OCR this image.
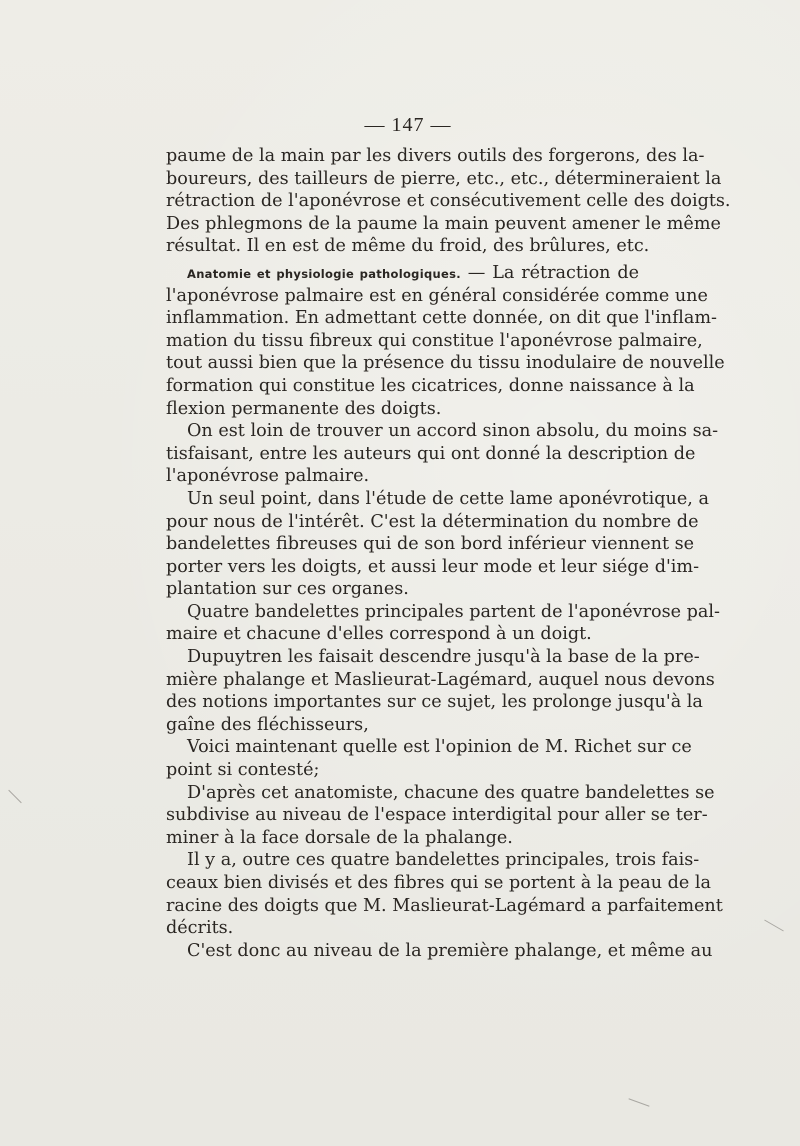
— 147 —
paume de la main par les divers outils des forgerons, des la-
boureurs, des tailleurs de pierre, etc., etc., détermineraient la
rétraction de l'aponévrose et consécutivement celle des doigts.
Des phlegmons de la paume la main peuvent amener le même
résultat. Il en est de même du froid, des brûlures, etc.
Anatomie et physiologie pathologiques. — La rétraction de
l'aponévrose palmaire est en général considérée comme une
inflammation. En admettant cette donnée, on dit que l'inflam-
mation du tissu fibreux qui constitue l'aponévrose palmaire,
tout aussi bien que la présence du tissu inodulaire de nouvelle
formation qui constitue les cicatrices, donne naissance à la
flexion permanente des doigts.
On est loin de trouver un accord sinon absolu, du moins sa-
tisfaisant, entre les auteurs qui ont donné la description de
l'aponévrose palmaire.
Un seul point, dans l'étude de cette lame aponévrotique, a
pour nous de l'intérêt. C'est la détermination du nombre de
bandelettes fibreuses qui de son bord inférieur viennent se
porter vers les doigts, et aussi leur mode et leur siége d'im-
plantation sur ces organes.
Quatre bandelettes principales partent de l'aponévrose pal-
maire et chacune d'elles correspond à un doigt.
Dupuytren les faisait descendre jusqu'à la base de la pre-
mière phalange et Maslieurat-Lagémard, auquel nous devons
des notions importantes sur ce sujet, les prolonge jusqu'à la
gaîne des fléchisseurs,
Voici maintenant quelle est l'opinion de M. Richet sur ce
point si contesté;
D'après cet anatomiste, chacune des quatre bandelettes se
subdivise au niveau de l'espace interdigital pour aller se ter-
miner à la face dorsale de la phalange.
Il y a, outre ces quatre bandelettes principales, trois fais-
ceaux bien divisés et des fibres qui se portent à la peau de la
racine des doigts que M. Maslieurat-Lagémard a parfaitement
décrits.
C'est donc au niveau de la première phalange, et même au
